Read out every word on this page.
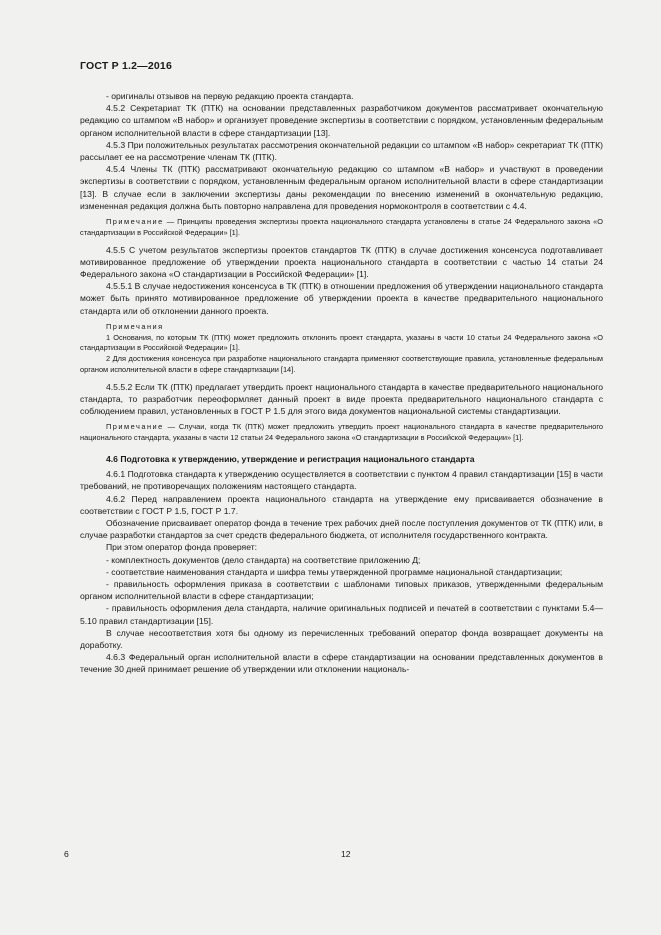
ГОСТ Р 1.2—2016

- оригиналы отзывов на первую редакцию проекта стандарта.

4.5.2 Секретариат ТК (ПТК) на основании представленных разработчиком документов рассматривает окончательную редакцию со штампом «В набор» и организует проведение экспертизы в соответствии с порядком, установленным федеральным органом исполнительной власти в сфере стандартизации [13].

4.5.3 При положительных результатах рассмотрения окончательной редакции со штампом «В набор» секретариат ТК (ПТК) рассылает ее на рассмотрение членам ТК (ПТК).

4.5.4 Члены ТК (ПТК) рассматривают окончательную редакцию со штампом «В набор» и участвуют в проведении экспертизы в соответствии с порядком, установленным федеральным органом исполнительной власти в сфере стандартизации [13]. В случае если в заключении экспертизы даны рекомендации по внесению изменений в окончательную редакцию, измененная редакция должна быть повторно направлена для проведения нормоконтроля в соответствии с 4.4.

Примечание — Принципы проведения экспертизы проекта национального стандарта установлены в статье 24 Федерального закона «О стандартизации в Российской Федерации» [1].

4.5.5 С учетом результатов экспертизы проектов стандартов ТК (ПТК) в случае достижения консенсуса подготавливает мотивированное предложение об утверждении проекта национального стандарта в соответствии с частью 14 статьи 24 Федерального закона «О стандартизации в Российской Федерации» [1].

4.5.5.1 В случае недостижения консенсуса в ТК (ПТК) в отношении предложения об утверждении национального стандарта может быть принято мотивированное предложение об утверждении проекта в качестве предварительного национального стандарта или об отклонении данного проекта.

Примечания

1 Основания, по которым ТК (ПТК) может предложить отклонить проект стандарта, указаны в части 10 статьи 24 Федерального закона «О стандартизации в Российской Федерации» [1].

2 Для достижения консенсуса при разработке национального стандарта применяют соответствующие правила, установленные федеральным органом исполнительной власти в сфере стандартизации [14].

4.5.5.2 Если ТК (ПТК) предлагает утвердить проект национального стандарта в качестве предварительного национального стандарта, то разработчик переоформляет данный проект в виде проекта предварительного национального стандарта с соблюдением правил, установленных в ГОСТ Р 1.5 для этого вида документов национальной системы стандартизации.

Примечание — Случаи, когда ТК (ПТК) может предложить утвердить проект национального стандарта в качестве предварительного национального стандарта, указаны в части 12 статьи 24 Федерального закона «О стандартизации в Российской Федерации» [1].

4.6 Подготовка к утверждению, утверждение и регистрация национального стандарта

4.6.1 Подготовка стандарта к утверждению осуществляется в соответствии с пунктом 4 правил стандартизации [15] в части требований, не противоречащих положениям настоящего стандарта.

4.6.2 Перед направлением проекта национального стандарта на утверждение ему присваивается обозначение в соответствии с ГОСТ Р 1.5, ГОСТ Р 1.7.

Обозначение присваивает оператор фонда в течение трех рабочих дней после поступления документов от ТК (ПТК) или, в случае разработки стандартов за счет средств федерального бюджета, от исполнителя государственного контракта.

При этом оператор фонда проверяет:

- комплектность документов (дело стандарта) на соответствие приложению Д;

- соответствие наименования стандарта и шифра темы утвержденной программе национальной стандартизации;

- правильность оформления приказа в соответствии с шаблонами типовых приказов, утвержденными федеральным органом исполнительной власти в сфере стандартизации;

- правильность оформления дела стандарта, наличие оригинальных подписей и печатей в соответствии с пунктами 5.4—5.10 правил стандартизации [15].

В случае несоответствия хотя бы одному из перечисленных требований оператор фонда возвращает документы на доработку.

4.6.3 Федеральный орган исполнительной власти в сфере стандартизации на основании представленных документов в течение 30 дней принимает решение об утверждении или отклонении националь-

6	12
